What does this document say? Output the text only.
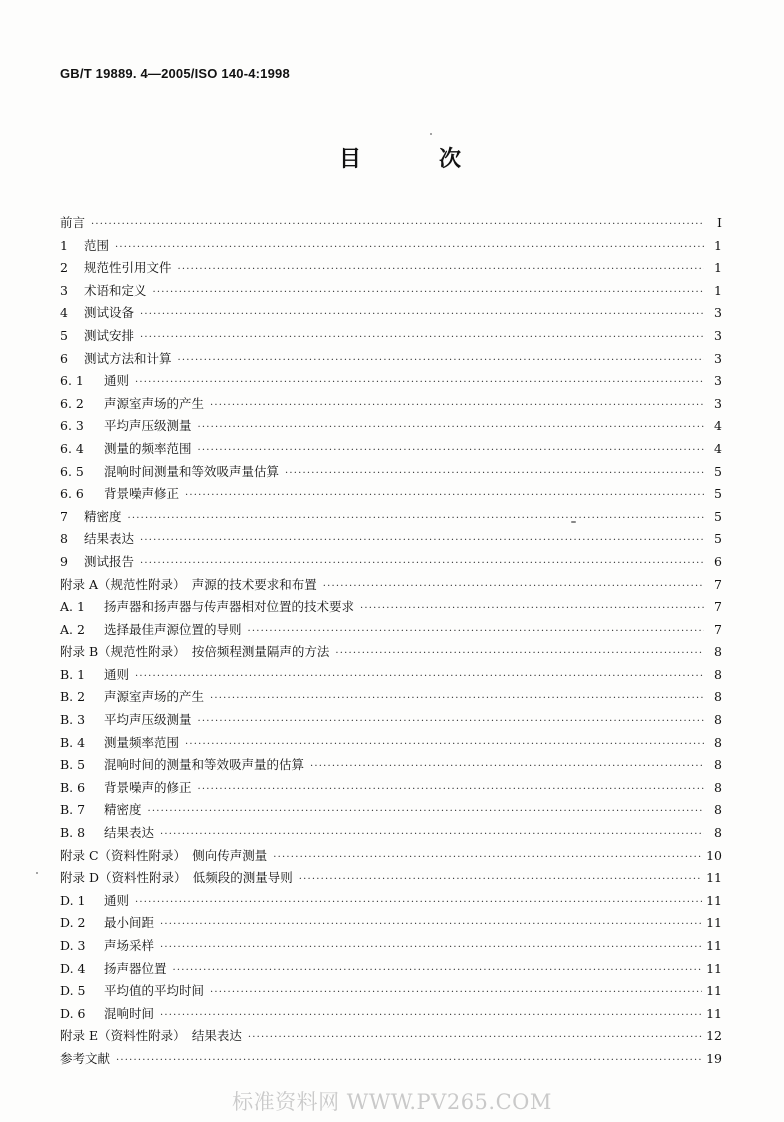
GB/T 19889. 4—2005/ISO 140-4:1998
目　次
前言 ·····	I
1	范围 ·····	1
2	规范性引用文件 ·····	1
3	术语和定义 ·····	1
4	测试设备 ·····	3
5	测试安排 ·····	3
6	测试方法和计算 ·····	3
6. 1	通则 ·····	3
6. 2	声源室声场的产生 ·····	3
6. 3	平均声压级测量 ·····	4
6. 4	测量的频率范围 ·····	4
6. 5	混响时间测量和等效吸声量估算 ·····	5
6. 6	背景噪声修正 ·····	5
7	精密度 ·····	5
8	结果表达 ·····	5
9	测试报告 ·····	6
附录 A（规范性附录）　声源的技术要求和布置 ·····	7
A. 1	扬声器和扬声器与传声器相对位置的技术要求 ·····	7
A. 2	选择最佳声源位置的导则 ·····	7
附录 B（规范性附录）　按倍频程测量隔声的方法 ·····	8
B. 1	通则 ·····	8
B. 2	声源室声场的产生 ·····	8
B. 3	平均声压级测量 ·····	8
B. 4	测量频率范围 ·····	8
B. 5	混响时间的测量和等效吸声量的估算 ·····	8
B. 6	背景噪声的修正 ·····	8
B. 7	精密度 ·····	8
B. 8	结果表达 ·····	8
附录 C（资料性附录）　侧向传声测量 ·····	10
附录 D（资料性附录）　低频段的测量导则 ·····	11
D. 1	通则 ·····	11
D. 2	最小间距 ·····	11
D. 3	声场采样 ·····	11
D. 4	扬声器位置 ·····	11
D. 5	平均值的平均时间 ·····	11
D. 6	混响时间 ·····	11
附录 E（资料性附录）　结果表达 ·····	12
参考文献 ·····	19
标准资料网 WWW.PV265.COM
